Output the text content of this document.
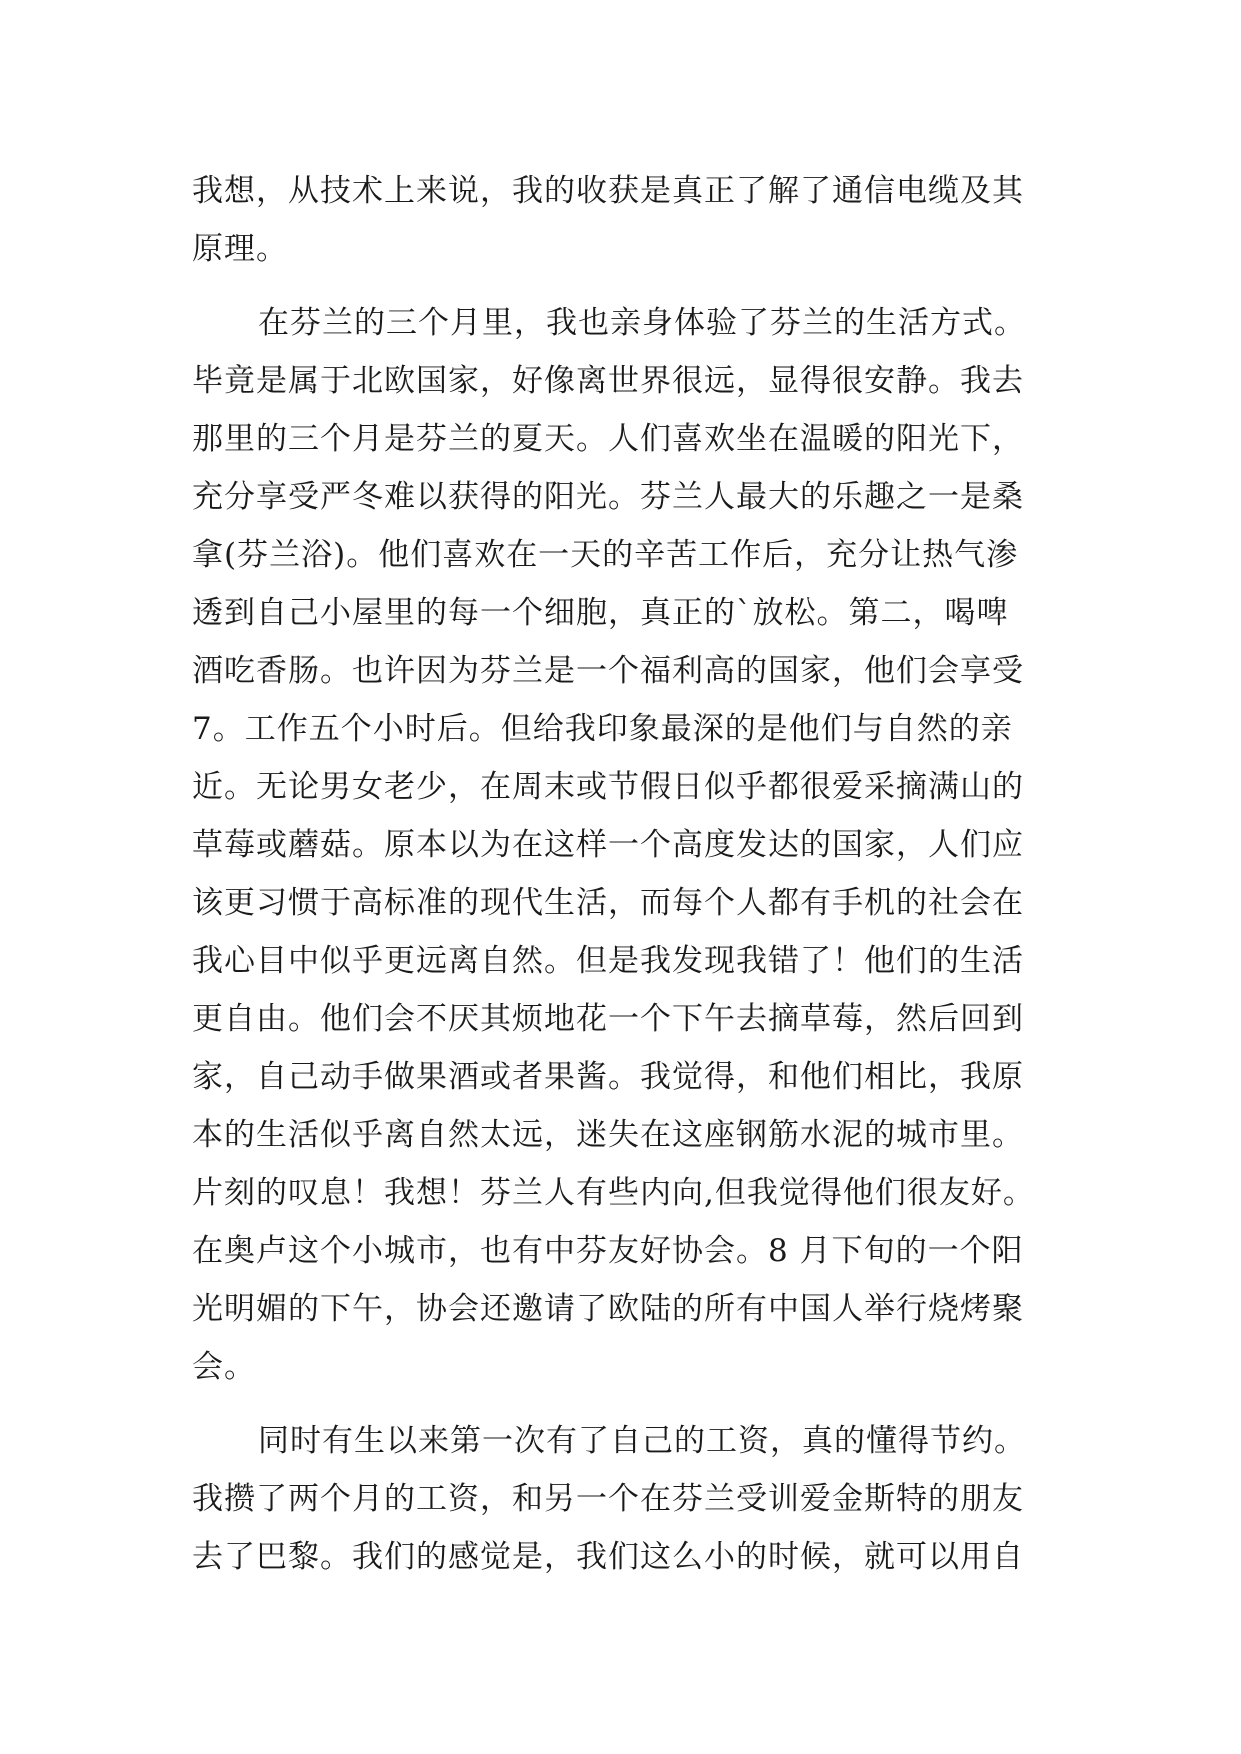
我想，从技术上来说，我的收获是真正了解了通信电缆及其
原理。
在芬兰的三个月里，我也亲身体验了芬兰的生活方式。
毕竟是属于北欧国家，好像离世界很远，显得很安静。我去
那里的三个月是芬兰的夏天。人们喜欢坐在温暖的阳光下，
充分享受严冬难以获得的阳光。芬兰人最大的乐趣之一是桑
拿(芬兰浴)。他们喜欢在一天的辛苦工作后，充分让热气渗
透到自己小屋里的每一个细胞，真正的`放松。第二，喝啤
酒吃香肠。也许因为芬兰是一个福利高的国家，他们会享受
7。工作五个小时后。但给我印象最深的是他们与自然的亲
近。无论男女老少，在周末或节假日似乎都很爱采摘满山的
草莓或蘑菇。原本以为在这样一个高度发达的国家，人们应
该更习惯于高标准的现代生活，而每个人都有手机的社会在
我心目中似乎更远离自然。但是我发现我错了！他们的生活
更自由。他们会不厌其烦地花一个下午去摘草莓，然后回到
家，自己动手做果酒或者果酱。我觉得，和他们相比，我原
本的生活似乎离自然太远，迷失在这座钢筋水泥的城市里。
片刻的叹息！我想！芬兰人有些内向,但我觉得他们很友好。
在奥卢这个小城市，也有中芬友好协会。8 月下旬的一个阳
光明媚的下午，协会还邀请了欧陆的所有中国人举行烧烤聚
会。
同时有生以来第一次有了自己的工资，真的懂得节约。
我攒了两个月的工资，和另一个在芬兰受训爱金斯特的朋友
去了巴黎。我们的感觉是，我们这么小的时候，就可以用自
